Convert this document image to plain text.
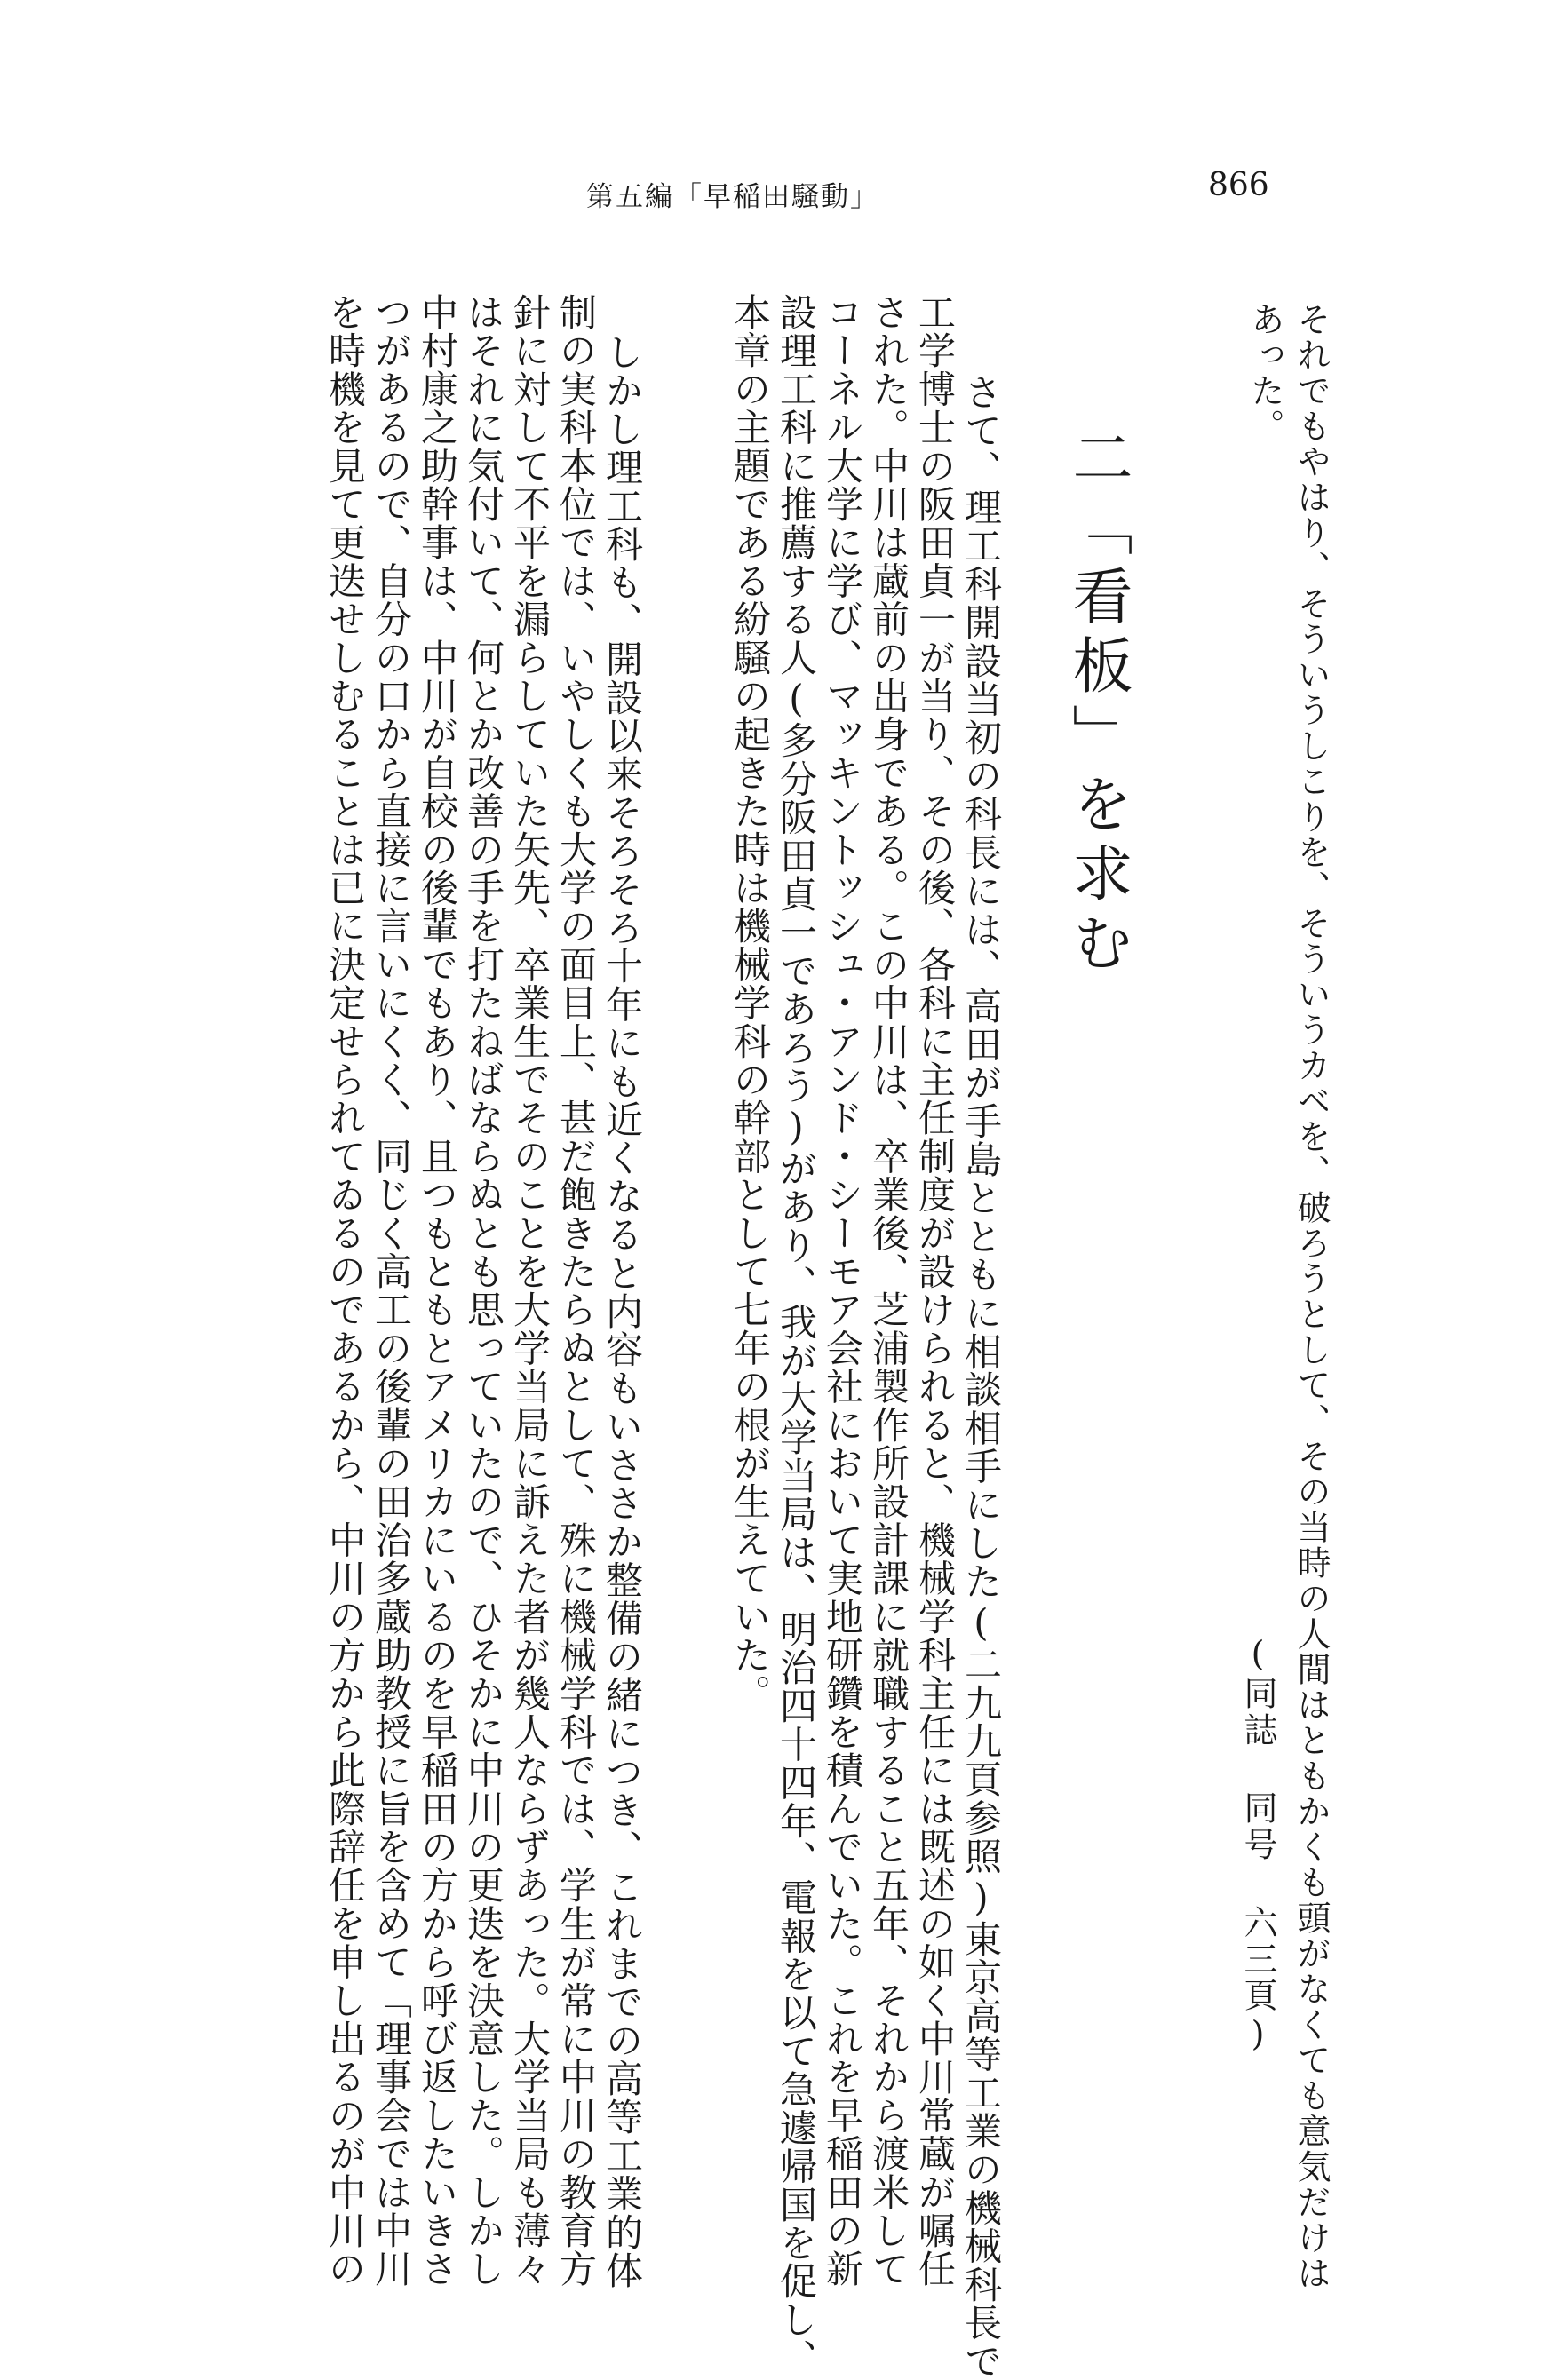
第五編「早稲田騒動」	866
それでもやはり、そういうしこりを、そういうカベを、破ろうとして、その当時の人間はともかくも頭がなくても意気だけは
あった。
(同誌 同号 六三頁)
二「看板」を求む
さて、理工科開設当初の科長には、高田が手島とともに相談相手にした(二九九頁参照)東京高等工業の機械科長で
工学博士の阪田貞一が当り、その後、各科に主任制度が設けられると、機械学科主任には既述の如く中川常蔵が嘱任
された。中川は蔵前の出身である。この中川は、卒業後、芝浦製作所設計課に就職すること五年、それから渡米して
コーネル大学に学び、マッキントッシュ・アンド・シーモア会社において実地研鑽を積んでいた。これを早稲田の新
設理工科に推薦する人(多分阪田貞一であろう)があり、我が大学当局は、明治四十四年、電報を以て急遽帰国を促し、
本章の主題である紛騒の起きた時は機械学科の幹部として七年の根が生えていた。
しかし理工科も、開設以来そろそろ十年にも近くなると内容もいささか整備の緒につき、これまでの高等工業的体
制の実科本位では、いやしくも大学の面目上、甚だ飽きたらぬとして、殊に機械学科では、学生が常に中川の教育方
針に対して不平を漏らしていた矢先、卒業生でそのことを大学当局に訴えた者が幾人ならずあった。大学当局も薄々
はそれに気付いて、何とか改善の手を打たねばならぬとも思っていたので、ひそかに中川の更迭を決意した。しかし
中村康之助幹事は、中川が自校の後輩でもあり、且つもともとアメリカにいるのを早稲田の方から呼び返したいきさ
つがあるので、自分の口から直接に言いにくく、同じく高工の後輩の田治多蔵助教授に旨を含めて「理事会では中川
を時機を見て更迭せしむることは已に決定せられてゐるのであるから、中川の方から此際辞任を申し出るのが中川の
